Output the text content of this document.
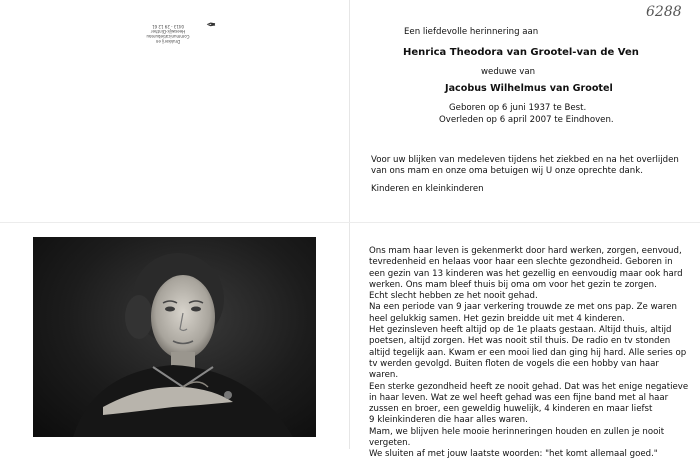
✒
Drukkerij en
Communicatiebureau
Heeswijk-Dinther
0413 - 29 12 61
6288
Een liefdevolle herinnering aan
Henrica Theodora van Grootel-van de Ven
weduwe van
Jacobus Wilhelmus van Grootel
Geboren op 6 juni 1937 te Best.
Overleden op 6 april 2007 te Eindhoven.
Voor uw blijken van medeleven tijdens het ziekbed en na het overlijden
van ons mam en onze oma betuigen wij U onze oprechte dank.
Kinderen en kleinkinderen

Ons mam haar leven is gekenmerkt door hard werken, zorgen, eenvoud,

tevredenheid en helaas voor haar een slechte gezondheid. Geboren in

een gezin van 13 kinderen was het gezellig en eenvoudig maar ook hard

werken. Ons mam bleef thuis bij oma om voor het gezin te zorgen.

Echt slecht hebben ze het nooit gehad.

Na een periode van 9 jaar verkering trouwde ze met ons pap. Ze waren

heel gelukkig samen. Het gezin breidde uit met 4 kinderen.

Het gezinsleven heeft altijd op de 1e plaats gestaan. Altijd thuis, altijd

poetsen, altijd zorgen. Het was nooit stil thuis. De radio en tv stonden

altijd tegelijk aan. Kwam er een mooi lied dan ging hij hard. Alle series op

tv werden gevolgd. Buiten floten de vogels die een hobby van haar

waren.

Een sterke gezondheid heeft ze nooit gehad. Dat was het enige negatieve

in haar leven. Wat ze wel heeft gehad was een fijne band met al haar

zussen en broer, een geweldig huwelijk, 4 kinderen en maar liefst

9 kleinkinderen die haar alles waren.

Mam, we blijven hele mooie herinneringen houden en zullen je nooit

vergeten.

We sluiten af met jouw laatste woorden: "het komt allemaal goed."
